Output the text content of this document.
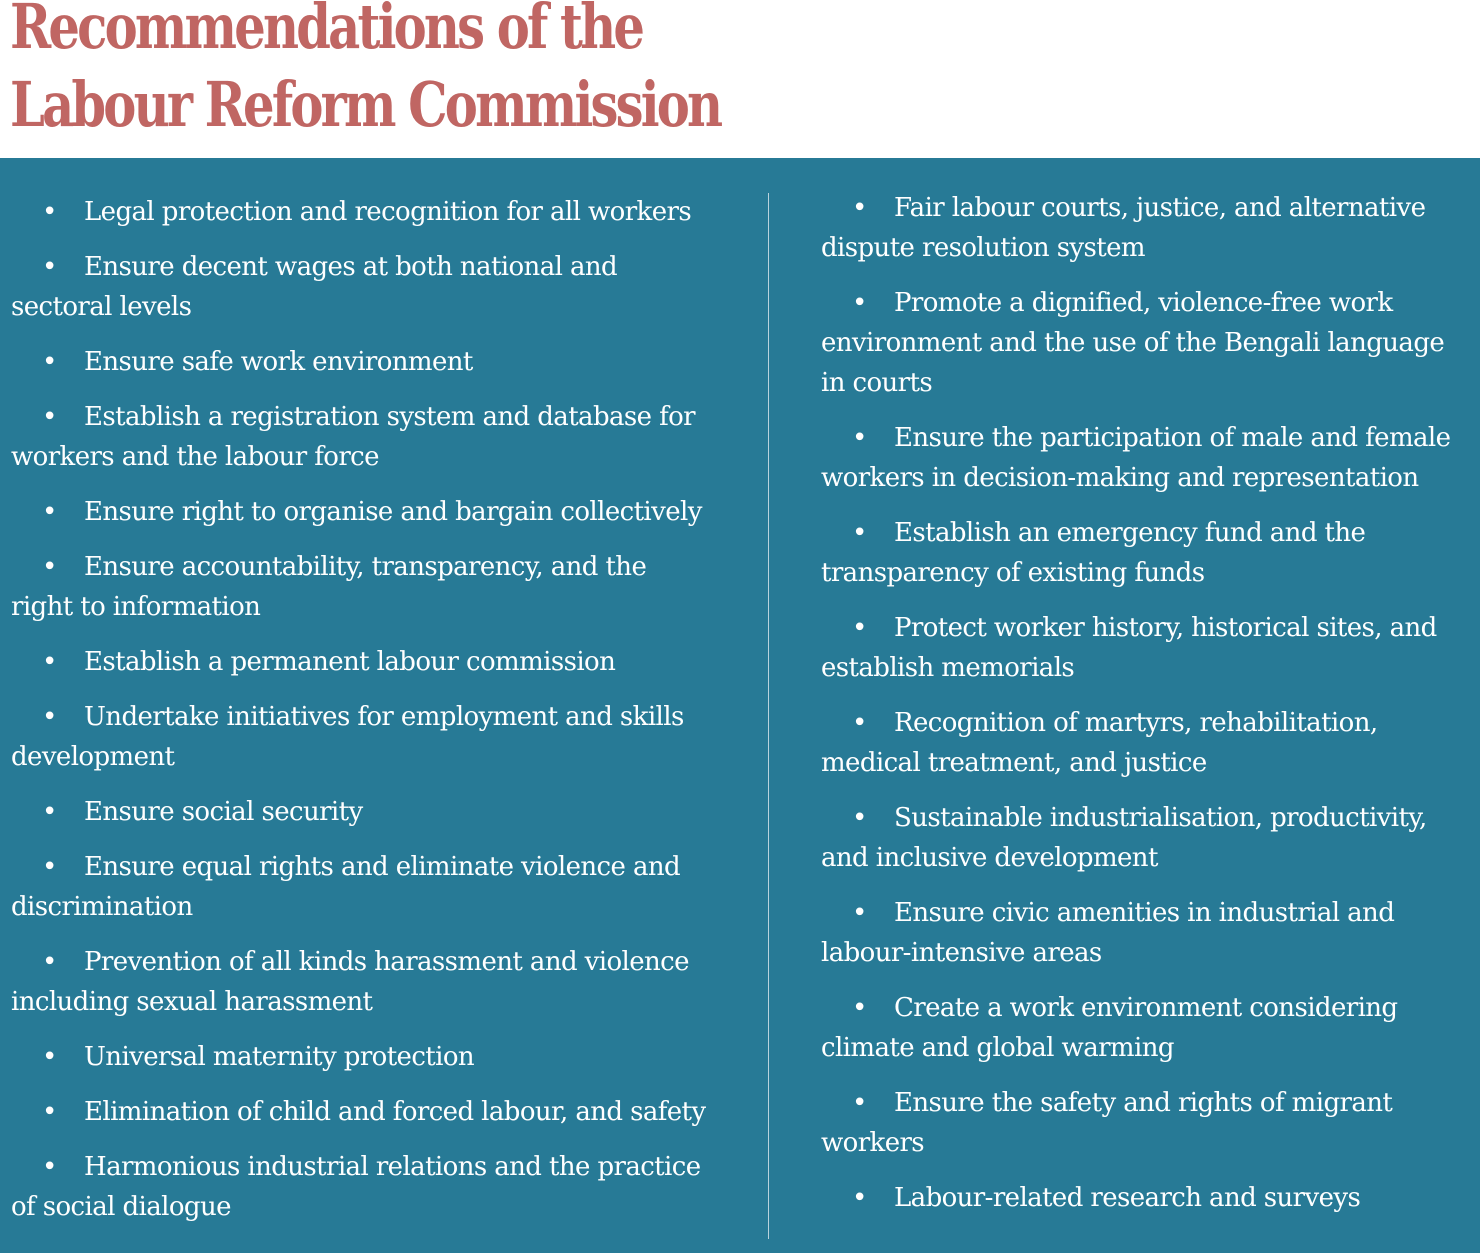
Recommendations of the
Labour Reform Commission
• Legal protection and recognition for all workers
• Ensure decent wages at both national and
sectoral levels
• Ensure safe work environment
• Establish a registration system and database for
workers and the labour force
• Ensure right to organise and bargain collectively
• Ensure accountability, transparency, and the
right to information
• Establish a permanent labour commission
• Undertake initiatives for employment and skills
development
• Ensure social security
• Ensure equal rights and eliminate violence and
discrimination
• Prevention of all kinds harassment and violence
including sexual harassment
• Universal maternity protection
• Elimination of child and forced labour, and safety
• Harmonious industrial relations and the practice
of social dialogue
• Fair labour courts, justice, and alternative
dispute resolution system
• Promote a dignified, violence-free work
environment and the use of the Bengali language
in courts
• Ensure the participation of male and female
workers in decision-making and representation
• Establish an emergency fund and the
transparency of existing funds
• Protect worker history, historical sites, and
establish memorials
• Recognition of martyrs, rehabilitation,
medical treatment, and justice
• Sustainable industrialisation, productivity,
and inclusive development
• Ensure civic amenities in industrial and
labour-intensive areas
• Create a work environment considering
climate and global warming
• Ensure the safety and rights of migrant
workers
• Labour-related research and surveys
